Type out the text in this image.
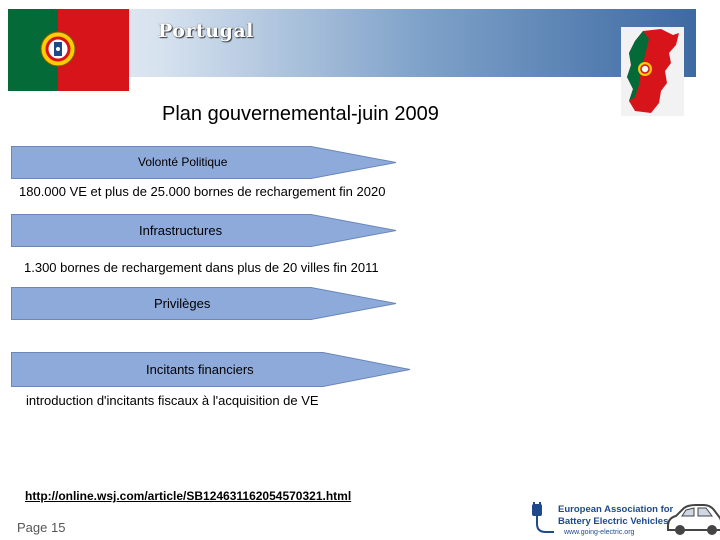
Portugal
Plan gouvernemental-juin 2009
Volonté Politique
180.000 VE et plus de 25.000 bornes de rechargement fin 2020
Infrastructures
1.300 bornes de rechargement dans plus de 20 villes fin 2011
Privilèges
Incitants financiers
introduction d'incitants fiscaux à l'acquisition de VE
http://online.wsj.com/article/SB124631162054570321.html
Page 15
European Association for
Battery Electric Vehicles
www.going-electric.org
